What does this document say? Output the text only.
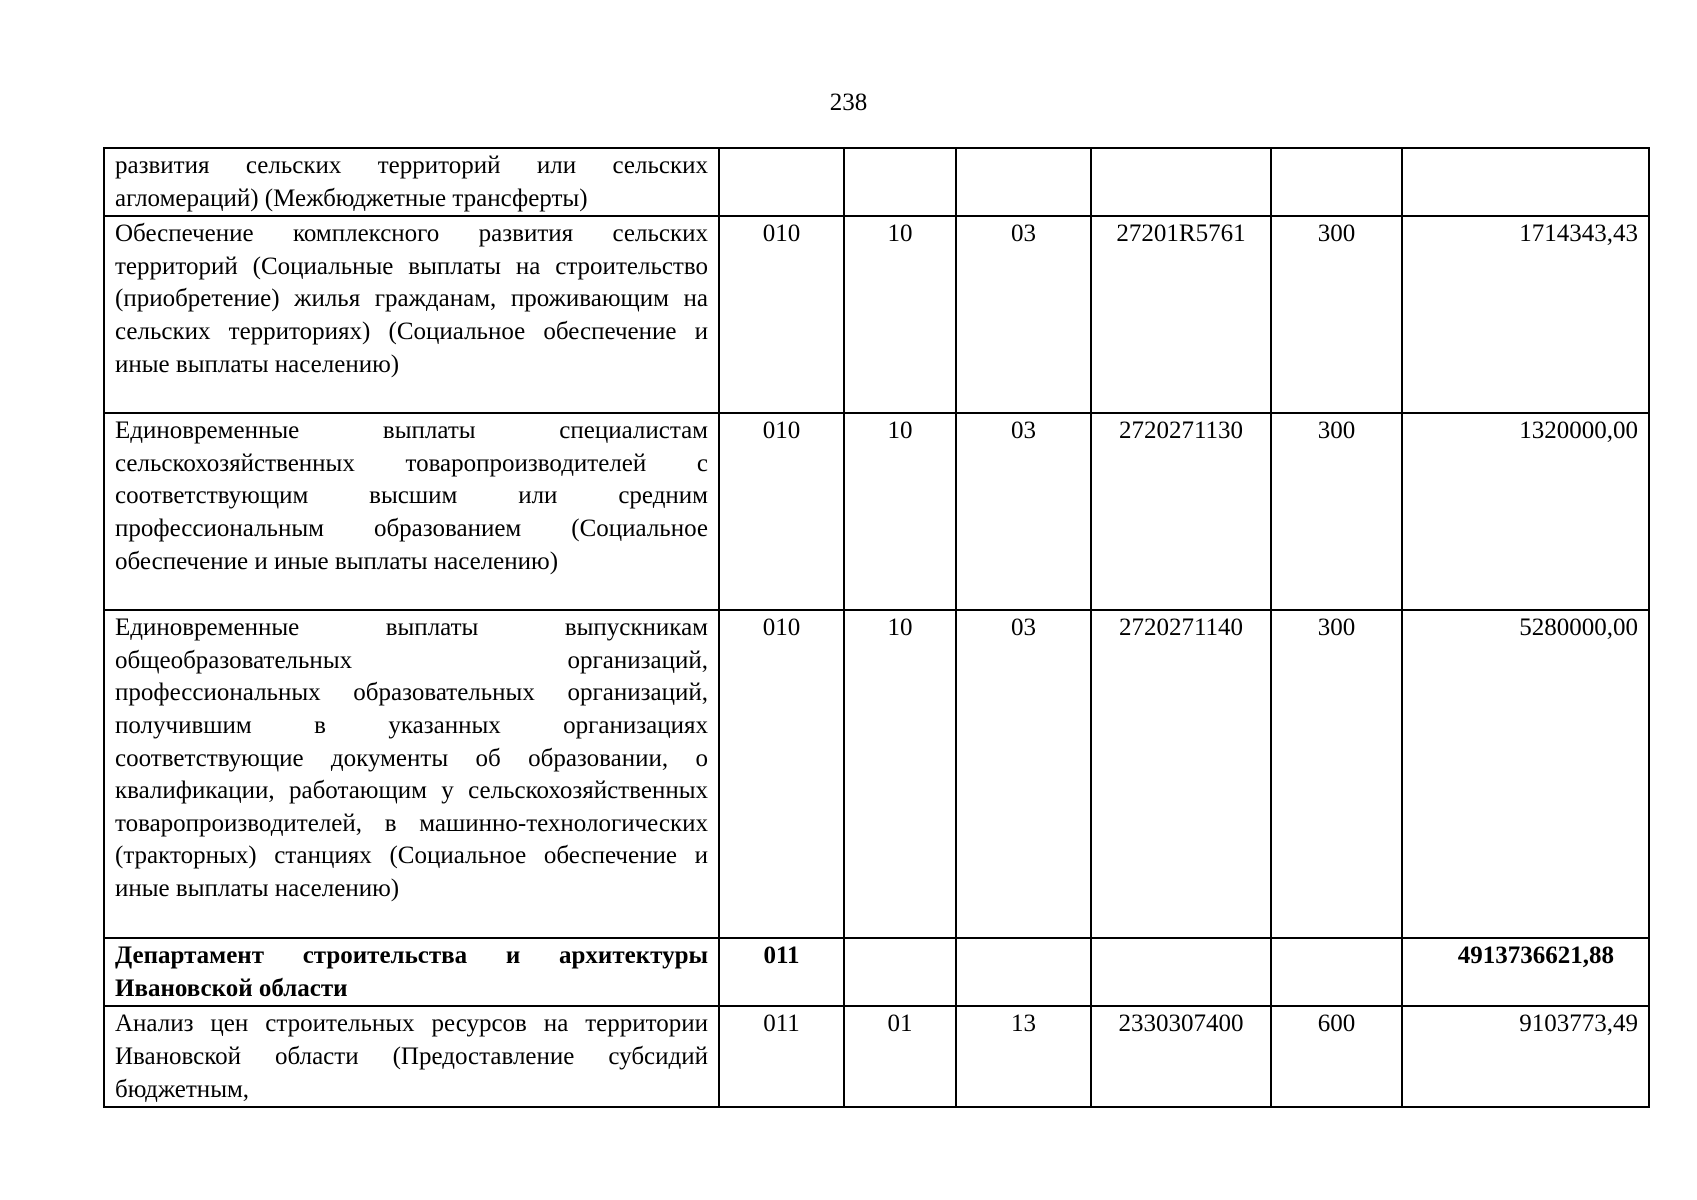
238
развития сельских территорий или сельских агломераций) (Межбюджетные трансферты)						
Обеспечение комплексного развития сельских территорий (Социальные выплаты на строительство (приобретение) жилья гражданам, проживающим на сельских территориях) (Социальное обеспечение и иные выплаты населению)	010	10	03	27201R5761	300	1714343,43
Единовременные выплаты специалистам сельскохозяйственных товаропроизводителей с соответствующим высшим или средним профессиональным образованием (Социальное обеспечение и иные выплаты населению)	010	10	03	2720271130	300	1320000,00
Единовременные выплаты выпускникам общеобразовательных организаций, профессиональных образовательных организаций, получившим в указанных организациях соответствующие документы об образовании, о квалификации, работающим у сельскохозяйственных товаропроизводителей, в машинно-технологических (тракторных) станциях (Социальное обеспечение и иные выплаты населению)	010	10	03	2720271140	300	5280000,00
Департамент строительства и архитектуры Ивановской области	011					4913736621,88
Анализ цен строительных ресурсов на территории Ивановской области (Предоставление субсидий бюджетным,	011	01	13	2330307400	600	9103773,49
